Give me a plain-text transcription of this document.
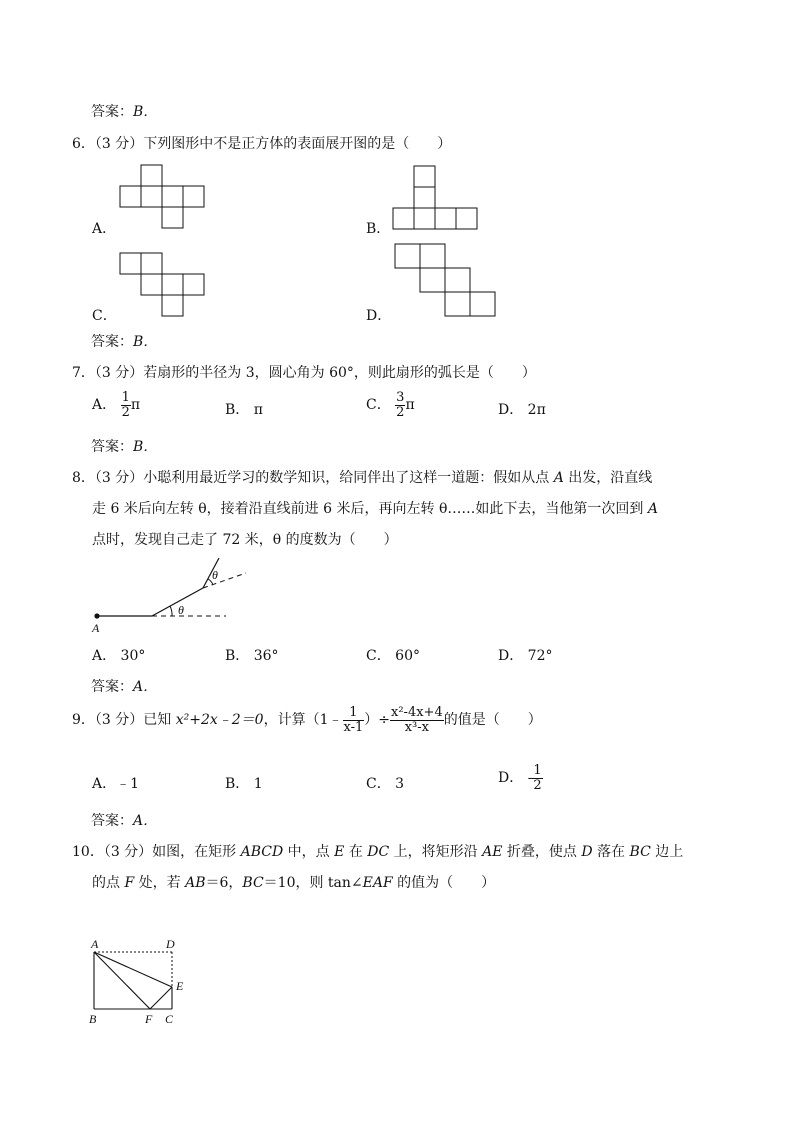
答案：B．
6．（3 分）下列图形中不是正方体的表面展开图的是（　　）
A．	B．
C．	D．
答案：B．
7．（3 分）若扇形的半径为 3，圆心角为 60°，则此扇形的弧长是（　　）
A． $\frac{1}{2}$ π	B． π	C． $\frac{3}{2}$ π	D． 2π
答案：B．
8．（3 分）小聪利用最近学习的数学知识，给同伴出了这样一道题：假如从点 A 出发，沿直线
走 6 米后向左转 θ，接着沿直线前进 6 米后，再向左转 θ……如此下去，当他第一次回到 A
点时，发现自己走了 72 米，θ 的度数为（　　）
A
θ
θ
A． 30°	B． 36°	C． 60°	D． 72°
答案：A．
9．（3 分）已知 x²+2x﹣2＝0，计算（1﹣ $\frac{1}{x-1}$ ）÷ $\frac{\text{x²-4x+4}}{\text{x³-x}}$ 的值是（　　）
A．﹣1	B． 1	C． 3	D． - $\frac{1}{2}$
答案：A．
10．（3 分）如图，在矩形 ABCD 中，点 E 在 DC 上，将矩形沿 AE 折叠，使点 D 落在 BC 边上
的点 F 处，若 AB＝6，BC＝10，则 tan∠EAF 的值为（　　）
A	D
E
B	F C
